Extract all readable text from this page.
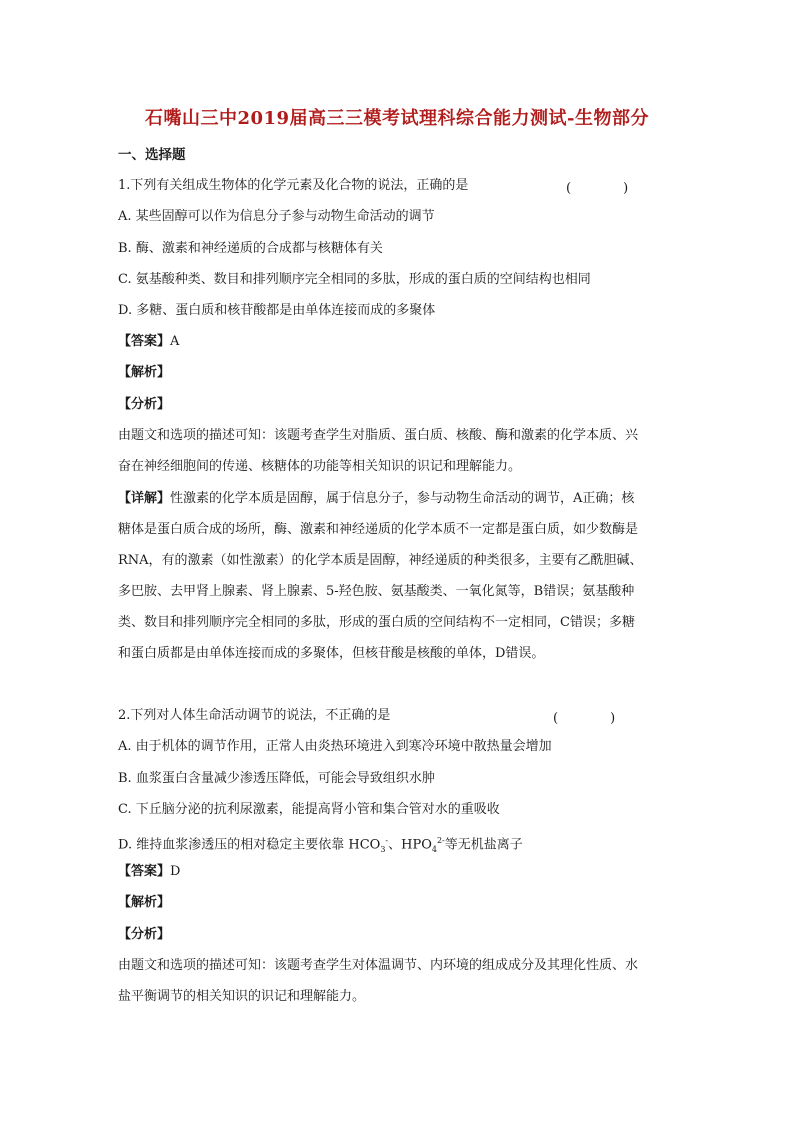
石嘴山三中2019届高三三模考试理科综合能力测试-生物部分
一、选择题
1.下列有关组成生物体的化学元素及化合物的说法，正确的是	(　　　　)
A. 某些固醇可以作为信息分子参与动物生命活动的调节
B. 酶、激素和神经递质的合成都与核糖体有关
C. 氨基酸种类、数目和排列顺序完全相同的多肽，形成的蛋白质的空间结构也相同
D. 多糖、蛋白质和核苷酸都是由单体连接而成的多聚体
【答案】A
【解析】
【分析】
由题文和选项的描述可知：该题考查学生对脂质、蛋白质、核酸、酶和激素的化学本质、兴
奋在神经细胞间的传递、核糖体的功能等相关知识的识记和理解能力。
【详解】性激素的化学本质是固醇，属于信息分子，参与动物生命活动的调节，A正确；核
糖体是蛋白质合成的场所，酶、激素和神经递质的化学本质不一定都是蛋白质，如少数酶是
RNA，有的激素（如性激素）的化学本质是固醇，神经递质的种类很多，主要有乙酰胆碱、
多巴胺、去甲肾上腺素、肾上腺素、5-羟色胺、氨基酸类、一氧化氮等，B错误；氨基酸种
类、数目和排列顺序完全相同的多肽，形成的蛋白质的空间结构不一定相同，C错误；多糖
和蛋白质都是由单体连接而成的多聚体，但核苷酸是核酸的单体，D错误。
2.下列对人体生命活动调节的说法，不正确的是	(　　　　)
A. 由于机体的调节作用，正常人由炎热环境进入到寒冷环境中散热量会增加
B. 血浆蛋白含量减少渗透压降低，可能会导致组织水肿
C. 下丘脑分泌的抗利尿激素，能提高肾小管和集合管对水的重吸收
D. 维持血浆渗透压的相对稳定主要依靠 $HCO_3^-$、$HPO_4^{2-}$等无机盐离子
【答案】D
【解析】
【分析】
由题文和选项的描述可知：该题考查学生对体温调节、内环境的组成成分及其理化性质、水
盐平衡调节的相关知识的识记和理解能力。
